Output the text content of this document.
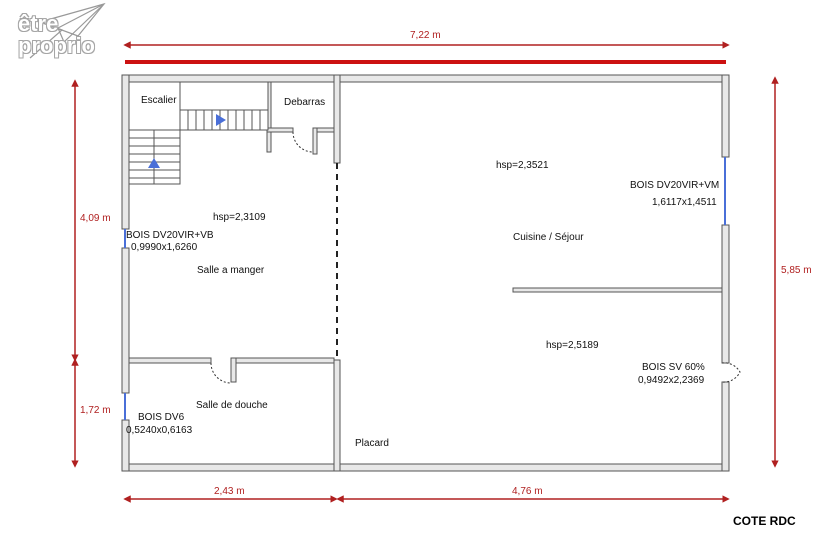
être
proprio	7,22 m
4,09 m
1,72 m
5,85 m
2,43 m	4,76 m
Escalier	Debarras
Salle a manger
Salle de douche
Cuisine / Séjour
Placard
hsp=2,3109
hsp=2,3521
hsp=2,5189
BOIS DV20VIR+VB
0,9990x1,6260
BOIS DV6
0,5240x0,6163
BOIS DV20VIR+VM
1,6117x1,4511
BOIS SV 60%
0,9492x2,2369
COTE RDC
